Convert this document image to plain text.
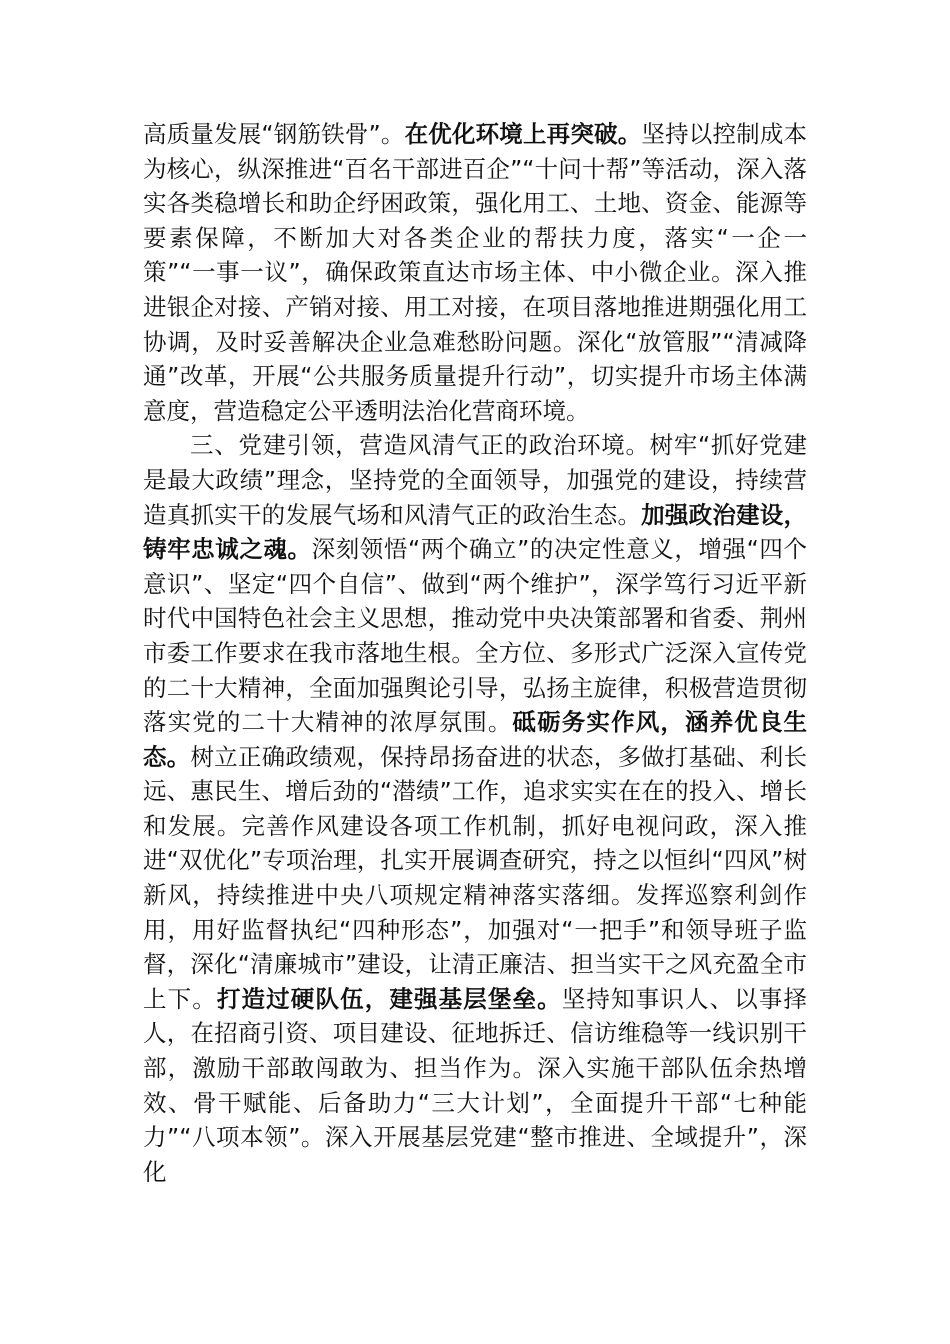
高质量发展“钢筋铁骨”。在优化环境上再突破。坚持以控制成本为核心，纵深推进“百名干部进百企”“十问十帮”等活动，深入落实各类稳增长和助企纾困政策，强化用工、土地、资金、能源等要素保障，不断加大对各类企业的帮扶力度，落实“一企一策”“一事一议”，确保政策直达市场主体、中小微企业。深入推进银企对接、产销对接、用工对接，在项目落地推进期强化用工协调，及时妥善解决企业急难愁盼问题。深化“放管服”“清减降通”改革，开展“公共服务质量提升行动”，切实提升市场主体满意度，营造稳定公平透明法治化营商环境。

三、党建引领，营造风清气正的政治环境。树牢“抓好党建是最大政绩”理念，坚持党的全面领导，加强党的建设，持续营造真抓实干的发展气场和风清气正的政治生态。加强政治建设，铸牢忠诚之魂。深刻领悟“两个确立”的决定性意义，增强“四个意识”、坚定“四个自信”、做到“两个维护”，深学笃行习近平新时代中国特色社会主义思想，推动党中央决策部署和省委、荆州市委工作要求在我市落地生根。全方位、多形式广泛深入宣传党的二十大精神，全面加强舆论引导，弘扬主旋律，积极营造贯彻落实党的二十大精神的浓厚氛围。砥砺务实作风，涵养优良生态。树立正确政绩观，保持昂扬奋进的状态，多做打基础、利长远、惠民生、增后劲的“潜绩”工作，追求实实在在的投入、增长和发展。完善作风建设各项工作机制，抓好电视问政，深入推进“双优化”专项治理，扎实开展调查研究，持之以恒纠“四风”树新风，持续推进中央八项规定精神落实落细。发挥巡察利剑作用，用好监督执纪“四种形态”，加强对“一把手”和领导班子监督，深化“清廉城市”建设，让清正廉洁、担当实干之风充盈全市上下。打造过硬队伍，建强基层堡垒。坚持知事识人、以事择人，在招商引资、项目建设、征地拆迁、信访维稳等一线识别干部，激励干部敢闯敢为、担当作为。深入实施干部队伍余热增效、骨干赋能、后备助力“三大计划”，全面提升干部“七种能力”“八项本领”。深入开展基层党建“整市推进、全域提升”，深化
